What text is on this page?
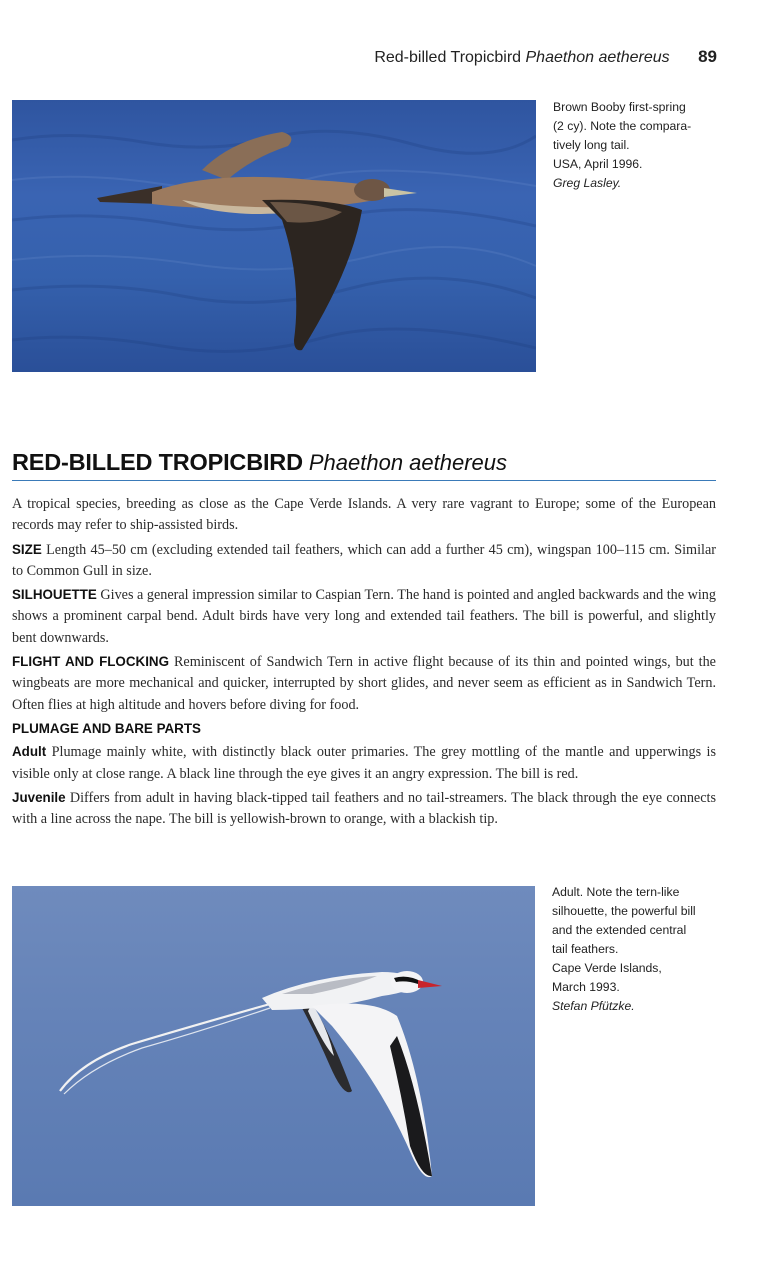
Red-billed Tropicbird Phaethon aethereus 89
Brown Booby first-spring
(2 cy). Note the compara-
tively long tail.
USA, April 1996.
Greg Lasley.
RED-BILLED TROPICBIRD Phaethon aethereus

A tropical species, breeding as close as the Cape Verde Islands. A very rare vagrant to Europe; some of the European records may refer to ship-assisted birds.

SIZE Length 45–50 cm (excluding extended tail feathers, which can add a further 45 cm), wingspan 100–115 cm. Similar to Common Gull in size.

SILHOUETTE Gives a general impression similar to Caspian Tern. The hand is pointed and angled backwards and the wing shows a prominent carpal bend. Adult birds have very long and extended tail feathers. The bill is powerful, and slightly bent downwards.

FLIGHT AND FLOCKING Reminiscent of Sandwich Tern in active flight because of its thin and pointed wings, but the wingbeats are more mechanical and quicker, interrupted by short glides, and never seem as efficient as in Sandwich Tern. Often flies at high altitude and hovers before diving for food.

PLUMAGE AND BARE PARTS

Adult Plumage mainly white, with distinctly black outer primaries. The grey mottling of the mantle and upperwings is visible only at close range. A black line through the eye gives it an angry expression. The bill is red.

Juvenile Differs from adult in having black-tipped tail feathers and no tail-streamers. The black through the eye connects with a line across the nape. The bill is yellowish-brown to orange, with a blackish tip.

Adult. Note the tern-like
silhouette, the powerful bill
and the extended central
tail feathers.
Cape Verde Islands,
March 1993.
Stefan Pfützke.
